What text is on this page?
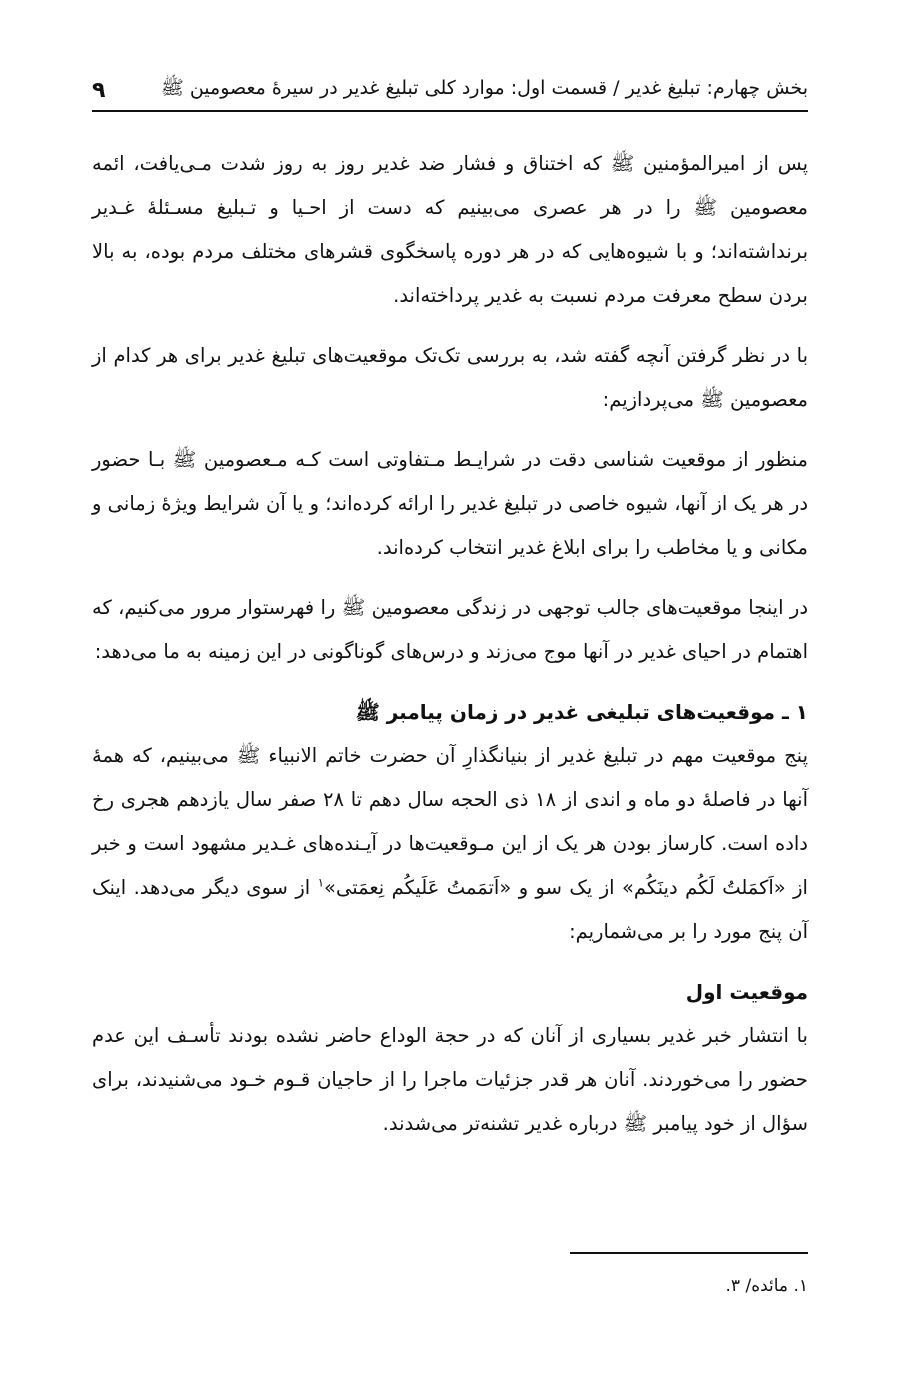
بخش چهارم: تبلیغ غدیر / قسمت اول: موارد کلی تبلیغ غدیر در سیرهٔ معصومین ﷺ
۹

پس از امیرالمؤمنین ﷺ که اختناق و فشار ضد غدیر روز به روز شدت مـی‌یافت، ائمه معصومین ﷺ را در هر عصری می‌بینیم که دست از احـیا و تـبلیغ مسـئلهٔ غـدیر برنداشته‌اند؛ و با شیوه‌هایی که در هر دوره پاسخگوی قشرهای مختلف مردم بوده، به بالا بردن سطح معرفت مردم نسبت به غدیر پرداخته‌اند.

با در نظر گرفتن آنچه گفته شد، به بررسی تک‌تک موقعیت‌های تبلیغ غدیر برای هر کدام از معصومین ﷺ می‌پردازیم:

منظور از موقعیت شناسی دقت در شرایـط مـتفاوتی است کـه مـعصومین ﷺ بـا حضور در هر یک از آنها، شیوه خاصی در تبلیغ غدیر را ارائه کرده‌اند؛ و یا آن شرایط ویژهٔ زمانی و مکانی و یا مخاطب را برای ابلاغ غدیر انتخاب کرده‌اند.

در اینجا موقعیت‌های جالب توجهی در زندگی معصومین ﷺ را فهرستوار مرور می‌کنیم، که اهتمام در احیای غدیر در آنها موج می‌زند و درس‌های گوناگونی در این زمینه به ما می‌دهد:

۱ ـ موقعیت‌های تبلیغی غدیر در زمان پیامبر ﷺ

پنج موقعیت مهم در تبلیغ غدیر از بنیانگذارِ آن حضرت خاتم الانبیاء ﷺ می‌بینیم، که همهٔ آنها در فاصلهٔ دو ماه و اندی از ۱۸ ذی الحجه سال دهم تا ۲۸ صفر سال یازدهم هجری رخ داده است. کارساز بودن هر یک از این مـوقعیت‌ها در آیـنده‌های غـدیر مشهود است و خبر از «اَکمَلتُ لَکُم دینَکُم» از یک سو و «اَتمَمتُ عَلَیکُم نِعمَتی»$^۱$ از سوی دیگر می‌دهد. اینک آن پنج مورد را بر می‌شماریم:

موقعیت اول

با انتشار خبر غدیر بسیاری از آنان که در حجة الوداع حاضر نشده بودند تأسـف این عدم حضور را می‌خوردند. آنان هر قدر جزئیات ماجرا را از حاجیان قـوم خـود می‌شنیدند، برای سؤال از خود پیامبر ﷺ درباره غدیر تشنه‌تر می‌شدند.

۱. مائده/ ۳.
